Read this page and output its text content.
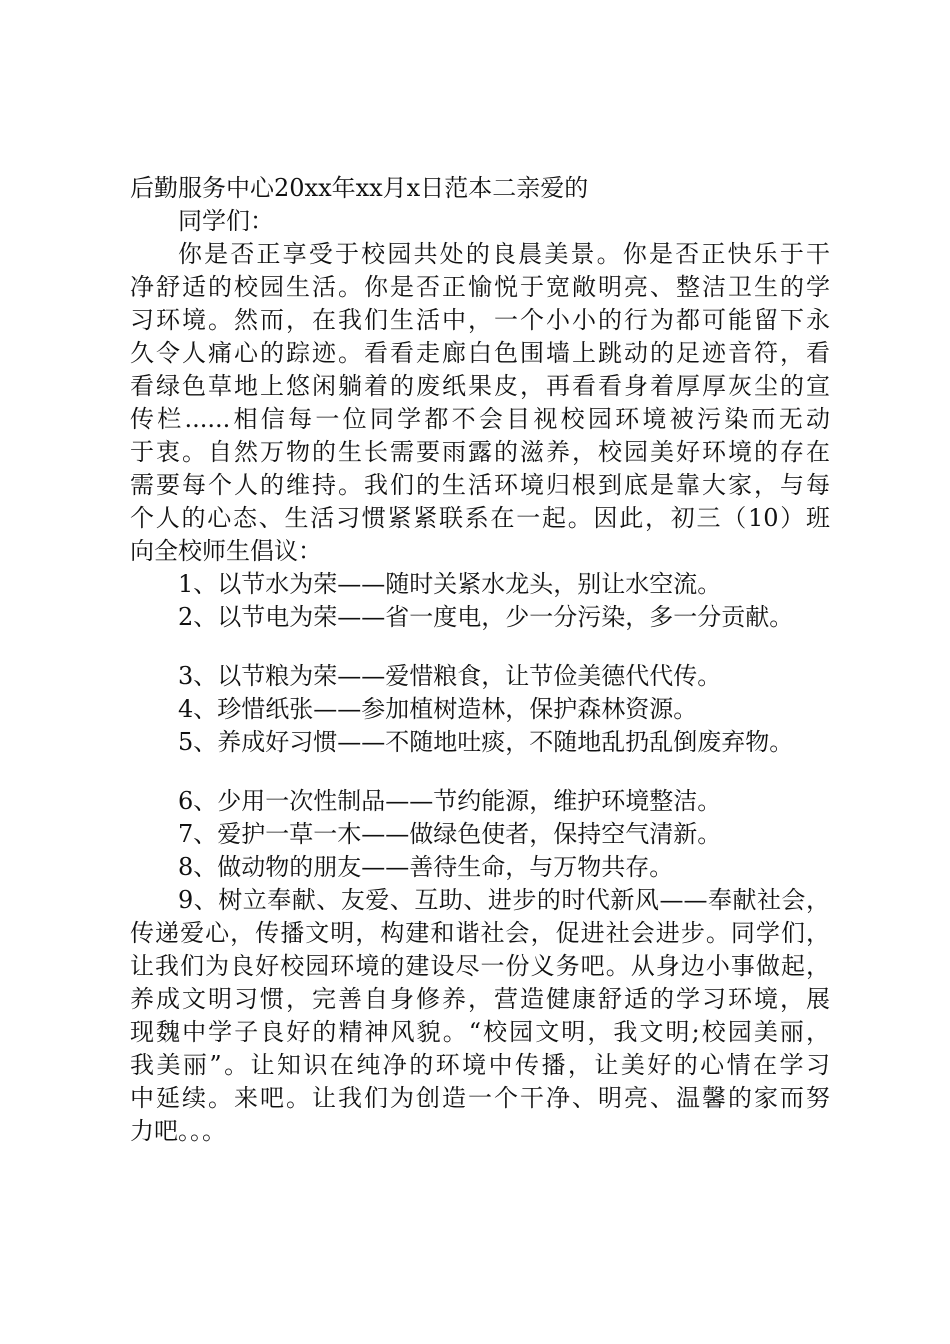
后勤服务中心20xx年xx月x日范本二亲爱的
同学们：
你是否正享受于校园共处的良晨美景。你是否正快乐于干
净舒适的校园生活。你是否正愉悦于宽敞明亮、整洁卫生的学
习环境。然而，在我们生活中，一个小小的行为都可能留下永
久令人痛心的踪迹。看看走廊白色围墙上跳动的足迹音符，看
看绿色草地上悠闲躺着的废纸果皮，再看看身着厚厚灰尘的宣
传栏......相信每一位同学都不会目视校园环境被污染而无动
于衷。自然万物的生长需要雨露的滋养，校园美好环境的存在
需要每个人的维持。我们的生活环境归根到底是靠大家，与每
个人的心态、生活习惯紧紧联系在一起。因此，初三（10）班
向全校师生倡议：
1、以节水为荣——随时关紧水龙头，别让水空流。
2、以节电为荣——省一度电，少一分污染，多一分贡献。
3、以节粮为荣——爱惜粮食，让节俭美德代代传。
4、珍惜纸张——参加植树造林，保护森林资源。
5、养成好习惯——不随地吐痰，不随地乱扔乱倒废弃物。
6、少用一次性制品——节约能源，维护环境整洁。
7、爱护一草一木——做绿色使者，保持空气清新。
8、做动物的朋友——善待生命，与万物共存。
9、树立奉献、友爱、互助、进步的时代新风——奉献社会，
传递爱心，传播文明，构建和谐社会，促进社会进步。同学们，
让我们为良好校园环境的建设尽一份义务吧。从身边小事做起，
养成文明习惯，完善自身修养，营造健康舒适的学习环境，展
现魏中学子良好的精神风貌。“校园文明，我文明;校园美丽，
我美丽”。让知识在纯净的环境中传播，让美好的心情在学习
中延续。来吧。让我们为创造一个干净、明亮、温馨的家而努
力吧。。。
